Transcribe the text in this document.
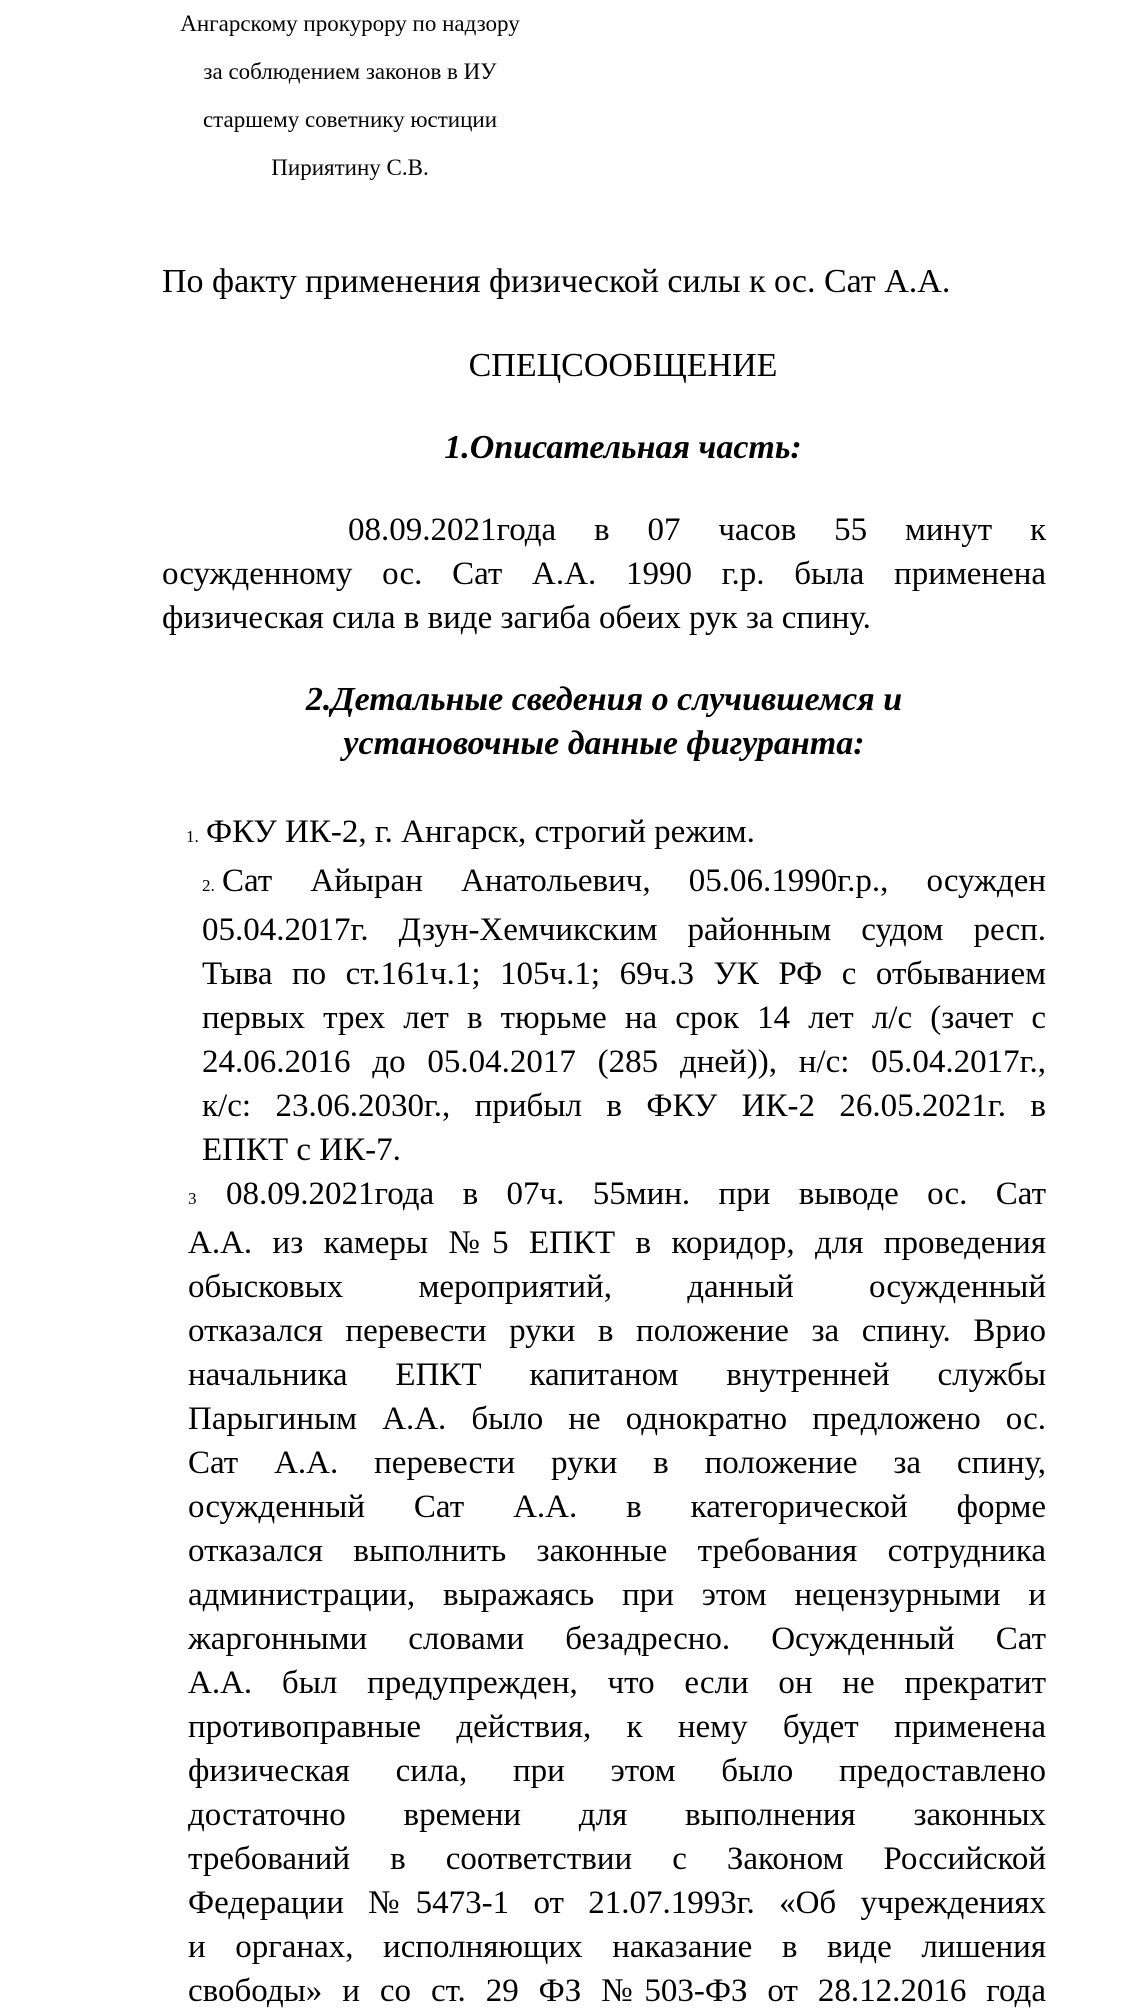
Ангарскому прокурору по надзору
за соблюдением законов в ИУ
старшему советнику юстиции
Пириятину С.В.
По факту применения физической силы к ос. Сат А.А.
СПЕЦСООБЩЕНИЕ
1.Описательная часть:
08.09.2021года в 07 часов 55 минут к
осужденному ос. Сат А.А. 1990 г.р. была применена
физическая сила в виде загиба обеих рук за спину.
2.Детальные сведения о случившемся и
установочные данные фигуранта:

1. ФКУ ИК-2, г. Ангарск, строгий режим.

2. Сат Айыран Анатольевич, 05.06.1990г.р., осужден
05.04.2017г. Дзун-Хемчикским районным судом респ.
Тыва по ст.161ч.1; 105ч.1; 69ч.3 УК РФ с отбыванием
первых трех лет в тюрьме на срок 14 лет л/с (зачет с
24.06.2016 до 05.04.2017 (285 дней)), н/с: 05.04.2017г.,
к/с: 23.06.2030г., прибыл в ФКУ ИК-2 26.05.2021г. в
ЕПКТ с ИК-7.

3 08.09.2021года в 07ч. 55мин. при выводе ос. Сат
А.А. из камеры №5 ЕПКТ в коридор, для проведения
обысковых мероприятий, данный осужденный
отказался перевести руки в положение за спину. Врио
начальника ЕПКТ капитаном внутренней службы
Парыгиным А.А. было не однократно предложено ос.
Сат А.А. перевести руки в положение за спину,
осужденный Сат А.А. в категорической форме
отказался выполнить законные требования сотрудника
администрации, выражаясь при этом нецензурными и
жаргонными словами безадресно. Осужденный Сат
А.А. был предупрежден, что если он не прекратит
противоправные действия, к нему будет применена
физическая сила, при этом было предоставлено
достаточно времени для выполнения законных
требований в соответствии с Законом Российской
Федерации №5473-1 от 21.07.1993г. «Об учреждениях
и органах, исполняющих наказание в виде лишения
свободы» и со ст. 29 ФЗ №503-ФЗ от 28.12.2016 года
